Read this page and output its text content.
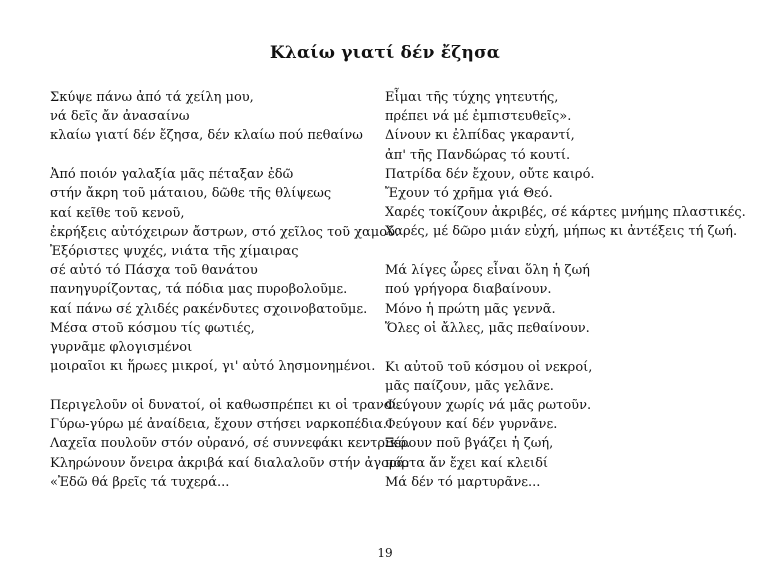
Κλαίω γιατί δέν ἔζησα
Σκύψε πάνω ἀπό τά χείλη μου,
νά δεῖς ἄν ἀνασαίνω
κλαίω γιατί δέν ἔζησα, δέν κλαίω πού πεθαίνω
Ἀπό ποιόν γαλαξία μᾶς πέταξαν ἐδῶ
στήν ἄκρη τοῦ μάταιου, δῶθε τῆς θλίψεως
καί κεῖθε τοῦ κενοῦ,
ἐκρήξεις αὐτόχειρων ἄστρων, στό χεῖλος τοῦ χαμοῦ.
Ἐξόριστες ψυχές, νιάτα τῆς χίμαιρας
σέ αὐτό τό Πάσχα τοῦ θανάτου
πανηγυρίζοντας, τά πόδια μας πυροβολοῦμε.
καί πάνω σέ χλιδές ρακένδυτες σχοινοβατοῦμε.
Μέσα στοῦ κόσμου τίς φωτιές,
γυρνᾶμε φλογισμένοι
μοιραῖοι κι ἥρωες μικροί, γι' αὐτό λησμονημένοι.
Περιγελοῦν οἱ δυνατοί, οἱ καθωσπρέπει κι οἱ τρανοί.
Γύρω-γύρω μέ ἀναίδεια, ἔχουν στήσει ναρκοπέδια.
Λαχεῖα πουλοῦν στόν οὐρανό, σέ συννεφάκι κεντρικό.
Κληρώνουν ὄνειρα ἀκριβά καί διαλαλοῦν στήν ἀγορά:
«Ἐδῶ θά βρεῖς τά τυχερά...
Εἶμαι τῆς τύχης γητευτής,
πρέπει νά μέ ἐμπιστευθεῖς».
Δίνουν κι ἐλπίδας γκαραντί,
ἀπ' τῆς Πανδώρας τό κουτί.
Πατρίδα δέν ἔχουν, οὔτε καιρό.
Ἔχουν τό χρῆμα γιά Θεό.
Χαρές τοκίζουν ἀκριβές, σέ κάρτες μνήμης πλαστικές.
Χαρές, μέ δῶρο μιάν εὐχή, μήπως κι ἀντέξεις τή ζωή.
Μά λίγες ὧρες εἶναι ὅλη ἡ ζωή
πού γρήγορα διαβαίνουν.
Μόνο ἡ πρώτη μᾶς γεννᾶ.
Ὅλες οἱ ἄλλες, μᾶς πεθαίνουν.
Κι αὐτοῦ τοῦ κόσμου οἱ νεκροί,
μᾶς παίζουν, μᾶς γελᾶνε.
Φεύγουν χωρίς νά μᾶς ρωτοῦν.
Φεύγουν καί δέν γυρνᾶνε.
Ξέρουν ποῦ βγάζει ἡ ζωή,
πόρτα ἄν ἔχει καί κλειδί
Μά δέν τό μαρτυρᾶνε...
19
